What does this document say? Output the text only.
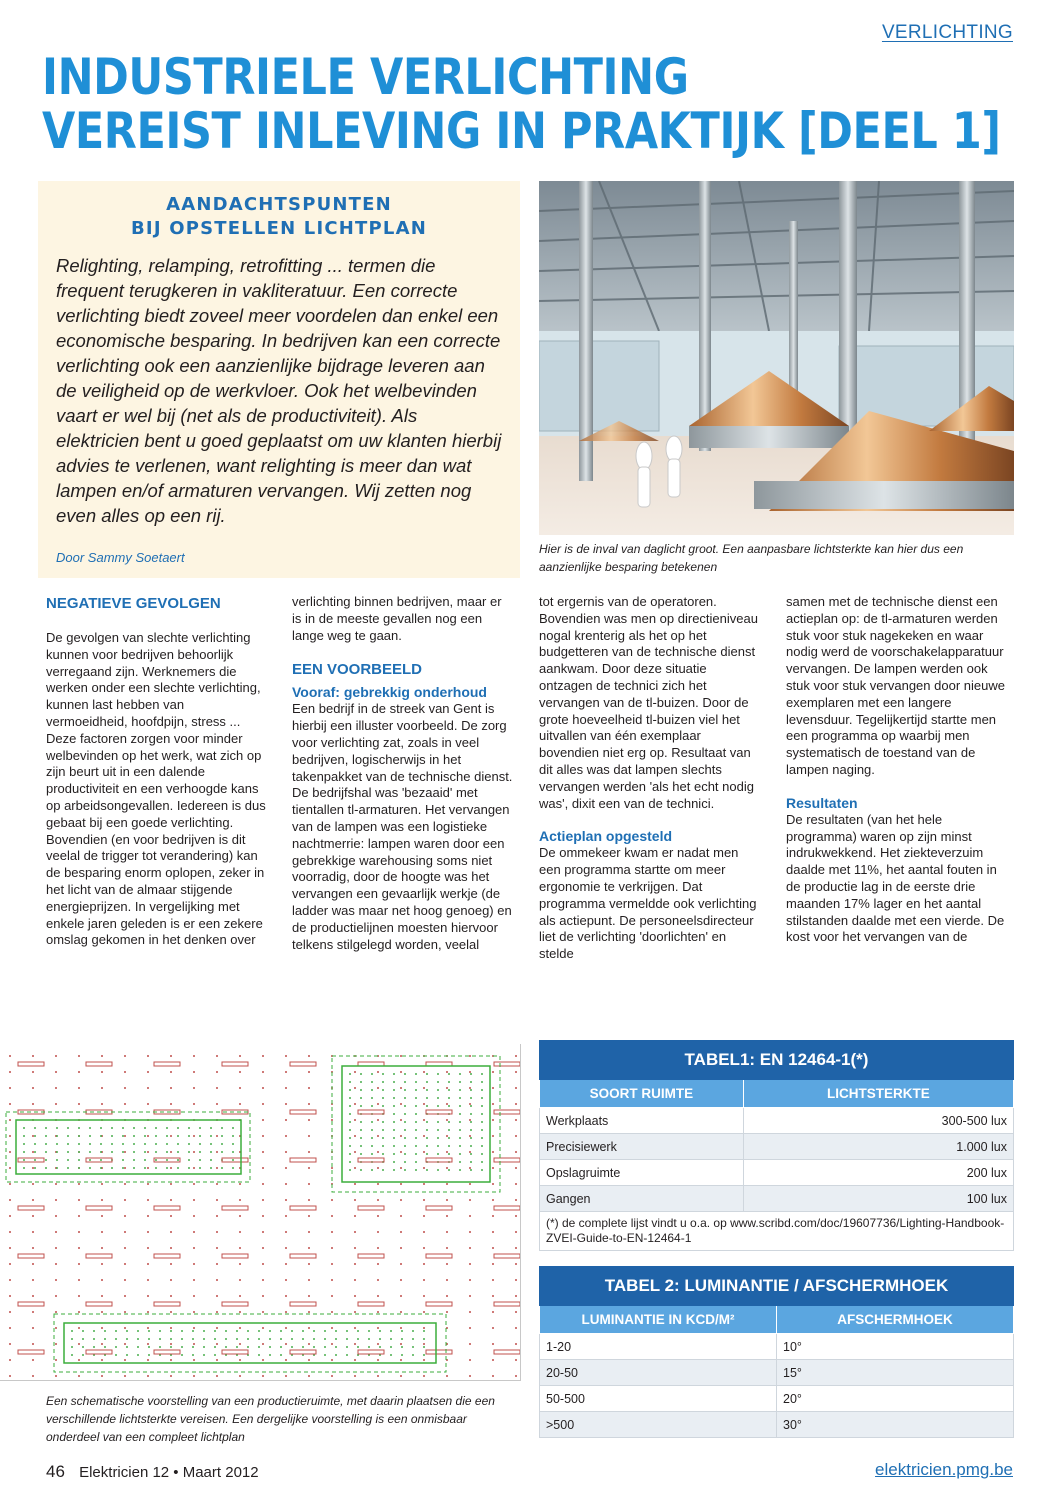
VERLICHTING
INDUSTRIELE VERLICHTING
VEREIST INLEVING IN PRAKTIJK [DEEL 1]

AANDACHTSPUNTEN
BIJ OPSTELLEN LICHTPLAN

Relighting, relamping, retrofitting ... termen die frequent terugkeren in vakliteratuur. Een correcte verlichting biedt zoveel meer voordelen dan enkel een economische besparing. In bedrijven kan een correcte verlichting ook een aanzienlijke bijdrage leveren aan de veiligheid op de werkvloer. Ook het welbevinden vaart er wel bij (net als de productiviteit). Als elektricien bent u goed geplaatst om uw klanten hierbij advies te verlenen, want relighting is meer dan wat lampen en/of armaturen vervangen. Wij zetten nog even alles op een rij.

Door Sammy Soetaert
Hier is de inval van daglicht groot. Een aanpasbare lichtsterkte kan hier dus een aanzienlijke besparing betekenen
NEGATIEVE GEVOLGEN

De gevolgen van slechte verlichting kunnen voor bedrijven behoorlijk verregaand zijn. Werknemers die werken onder een slechte verlichting, kunnen last hebben van vermoeidheid, hoofdpijn, stress ... Deze factoren zorgen voor minder welbevinden op het werk, wat zich op zijn beurt uit in een dalende productiviteit en een verhoogde kans op arbeidsongevallen. Iedereen is dus gebaat bij een goede verlichting. Bovendien (en voor bedrijven is dit veelal de trigger tot verandering) kan de besparing enorm oplopen, zeker in het licht van de almaar stijgende energieprijzen. In vergelijking met enkele jaren geleden is er een zekere omslag gekomen in het denken over

verlichting binnen bedrijven, maar er is in de meeste gevallen nog een lange weg te gaan.

EEN VOORBEELD
Vooraf: gebrekkig onderhoud

Een bedrijf in de streek van Gent is hierbij een illuster voorbeeld. De zorg voor verlichting zat, zoals in veel bedrijven, logischerwijs in het takenpakket van de technische dienst. De bedrijfshal was 'bezaaid' met tientallen tl-armaturen. Het vervangen van de lampen was een logistieke nachtmerrie: lampen waren door een gebrekkige warehousing soms niet voorradig, door de hoogte was het vervangen een gevaarlijk werkje (de ladder was maar net hoog genoeg) en de productielijnen moesten hiervoor telkens stilgelegd worden, veelal

tot ergernis van de operatoren. Bovendien was men op directieniveau nogal krenterig als het op het budgetteren van de technische dienst aankwam. Door deze situatie ontzagen de technici zich het vervangen van de tl-buizen. Door de grote hoeveelheid tl-buizen viel het uitvallen van één exemplaar bovendien niet erg op. Resultaat van dit alles was dat lampen slechts vervangen werden 'als het echt nodig was', dixit een van de technici.

Actieplan opgesteld

De ommekeer kwam er nadat men een programma startte om meer ergonomie te verkrijgen. Dat programma vermeldde ook verlichting als actiepunt. De personeelsdirecteur liet de verlichting 'doorlichten' en stelde

samen met de technische dienst een actieplan op: de tl-armaturen werden stuk voor stuk nagekeken en waar nodig werd de voorschakelapparatuur vervangen. De lampen werden ook stuk voor stuk vervangen door nieuwe exemplaren met een langere levensduur. Tegelijkertijd startte men een programma op waarbij men systematisch de toestand van de lampen naging.

Resultaten

De resultaten (van het hele programma) waren op zijn minst indrukwekkend. Het ziekteverzuim daalde met 11%, het aantal fouten in de productie lag in de eerste drie maanden 17% lager en het aantal stilstanden daalde met een vierde. De kost voor het vervangen van de

Een schematische voorstelling van een productieruimte, met daarin plaatsen die een verschillende lichtsterkte vereisen. Een dergelijke voorstelling is een onmisbaar onderdeel van een compleet lichtplan
TABEL1: EN 12464-1(*)	
SOORT RUIMTE	LICHTSTERKTE
Werkplaats	300-500 lux
Precisiewerk	1.000 lux
Opslagruimte	200 lux
Gangen	100 lux
(*) de complete lijst vindt u o.a. op www.scribd.com/doc/19607736/Lighting-Handbook-ZVEI-Guide-to-EN-12464-1	
TABEL 2: LUMINANTIE / AFSCHERMHOEK	
LUMINANTIE IN KCD/M²	AFSCHERMHOEK
1-20	10°
20-50	15°
50-500	20°
>500	30°
46 Elektricien 12 • Maart 2012	elektricien.pmg.be
